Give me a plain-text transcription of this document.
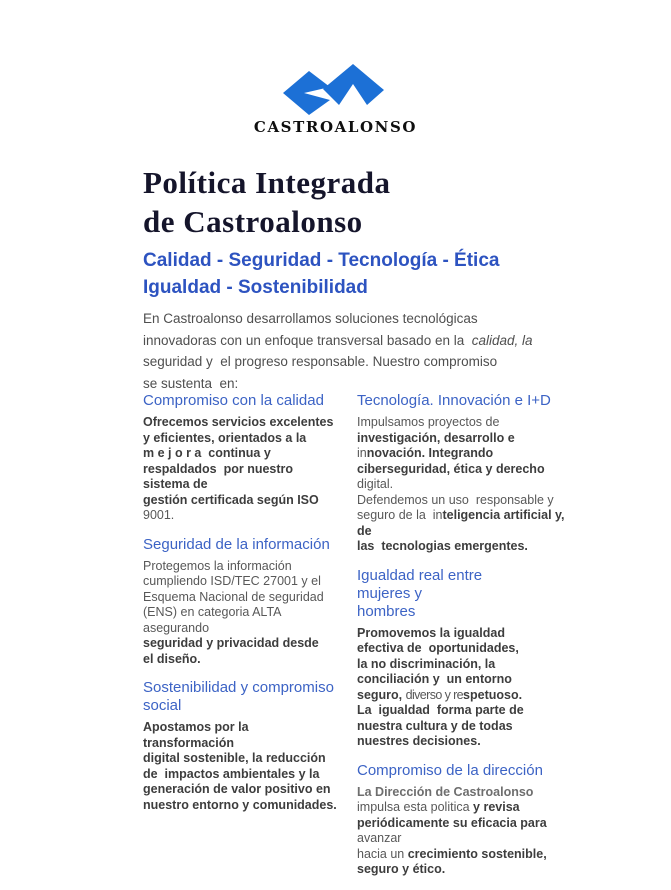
CASTROALONSO
Política Integrada
de Castroalonso
Calidad - Seguridad - Tecnología - Ética
Igualdad - Sostenibilidad
En Castroalonso desarrollamos soluciones tecnológicas
innovadoras con un enfoque transversal basado en la  calidad, la
seguridad y  el progreso responsable. Nuestro compromiso
se sustenta  en:
Compromiso con la calidad
Ofrecemos servicios excelentes
y eficientes, orientados a la
m e j o r a  continua y
respaldados  por nuestro
sistema de
gestión certificada según ISO
9001.
Seguridad de la información
Protegemos la información
cumpliendo ISD/TEC 27001 y el
Esquema Nacional de seguridad
(ENS) en categoria ALTA asegurando
seguridad y privacidad desde
el diseño.
Sostenibilidad y compromiso
social
Apostamos por la transformación
digital sostenible, la reducción
de  impactos ambientales y la
generación de valor positivo en
nuestro entorno y comunidades.
Tecnología. Innovación e I+D
Impulsamos proyectos de
investigación, desarrollo e
innovación. Integrando
ciberseguridad, ética y derecho  digital.
Defendemos un uso  responsable y
seguro de la  inteligencia artificial y, de
las  tecnologias emergentes.
Igualdad real entre
mujeres y
hombres
Promovemos la igualdad
efectiva de  oportunidades,
la no discriminación, la
conciliación y  un entorno
seguro, diverso y respetuoso.
La  igualdad  forma parte de
nuestra cultura y de todas
nuestres decisiones.
Compromiso de la dirección
La Dirección de Castroalonso
impulsa esta politica y revisa
periódicamente su eficacia para
avanzar
hacia un crecimiento sostenible,
seguro y ético.
